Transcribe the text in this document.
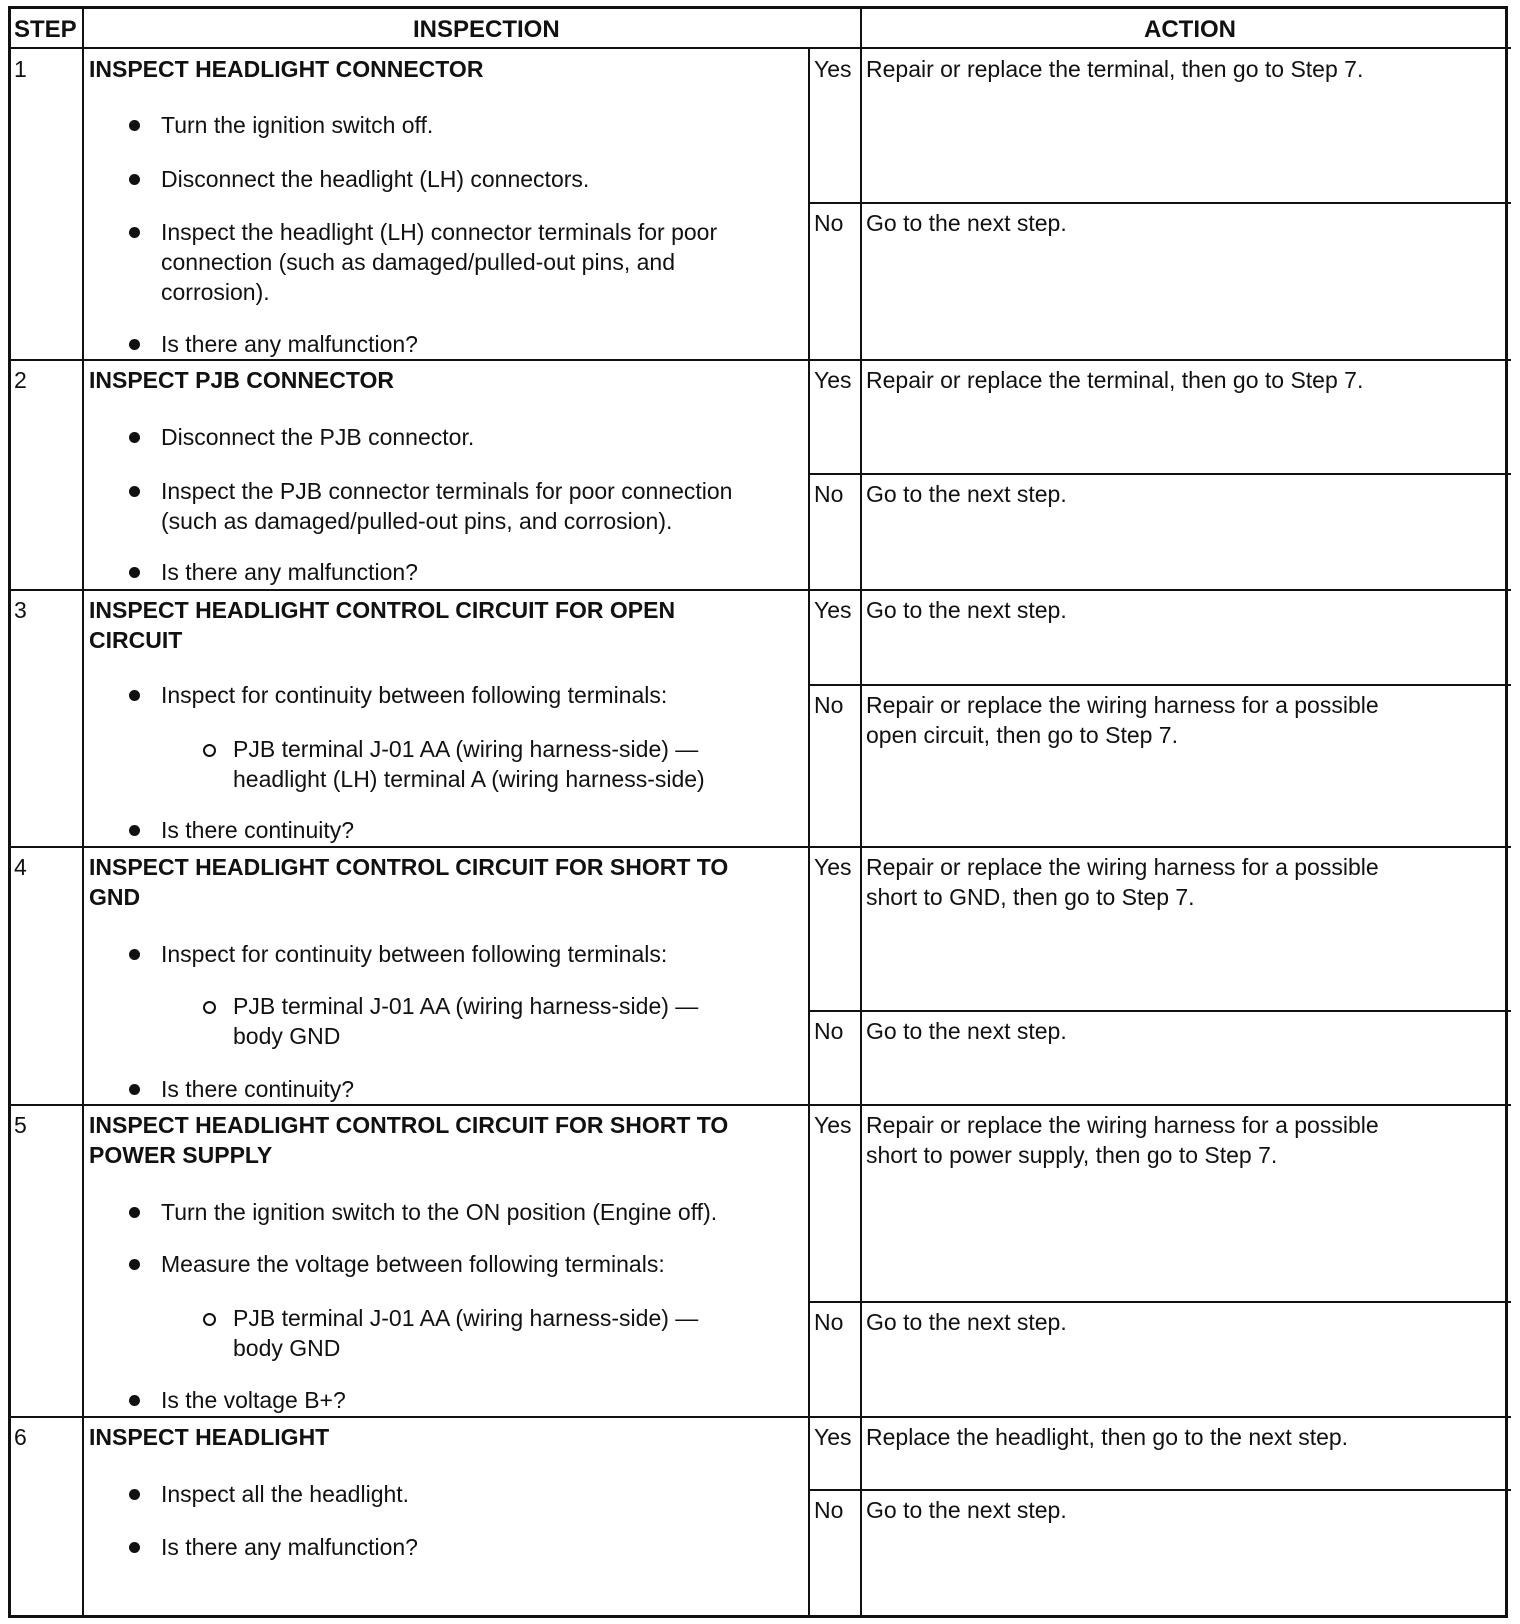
STEP	INSPECTION	ACTION
1	INSPECT HEADLIGHT CONNECTOR
Turn the ignition switch off.
Disconnect the headlight (LH) connectors.
Inspect the headlight (LH) connector terminals for poor
connection (such as damaged/pulled-out pins, and
corrosion).
Is there any malfunction?
Yes Repair or replace the terminal, then go to Step 7.
No Go to the next step.
2	INSPECT PJB CONNECTOR
Disconnect the PJB connector.
Inspect the PJB connector terminals for poor connection
(such as damaged/pulled-out pins, and corrosion).
Is there any malfunction?
Yes Repair or replace the terminal, then go to Step 7.
No Go to the next step.
3	INSPECT HEADLIGHT CONTROL CIRCUIT FOR OPEN
CIRCUIT
Inspect for continuity between following terminals:
PJB terminal J-01 AA (wiring harness-side) —
headlight (LH) terminal A (wiring harness-side)
Is there continuity?
Yes Go to the next step.
No Repair or replace the wiring harness for a possible
open circuit, then go to Step 7.
4	INSPECT HEADLIGHT CONTROL CIRCUIT FOR SHORT TO
GND
Inspect for continuity between following terminals:
PJB terminal J-01 AA (wiring harness-side) —
body GND
Is there continuity?
Yes Repair or replace the wiring harness for a possible
short to GND, then go to Step 7.
No Go to the next step.
5	INSPECT HEADLIGHT CONTROL CIRCUIT FOR SHORT TO
POWER SUPPLY
Turn the ignition switch to the ON position (Engine off).
Measure the voltage between following terminals:
PJB terminal J-01 AA (wiring harness-side) —
body GND
Is the voltage B+?
Yes Repair or replace the wiring harness for a possible
short to power supply, then go to Step 7.
No Go to the next step.
6	INSPECT HEADLIGHT
Inspect all the headlight.
Is there any malfunction?
Yes Replace the headlight, then go to the next step.
No Go to the next step.
